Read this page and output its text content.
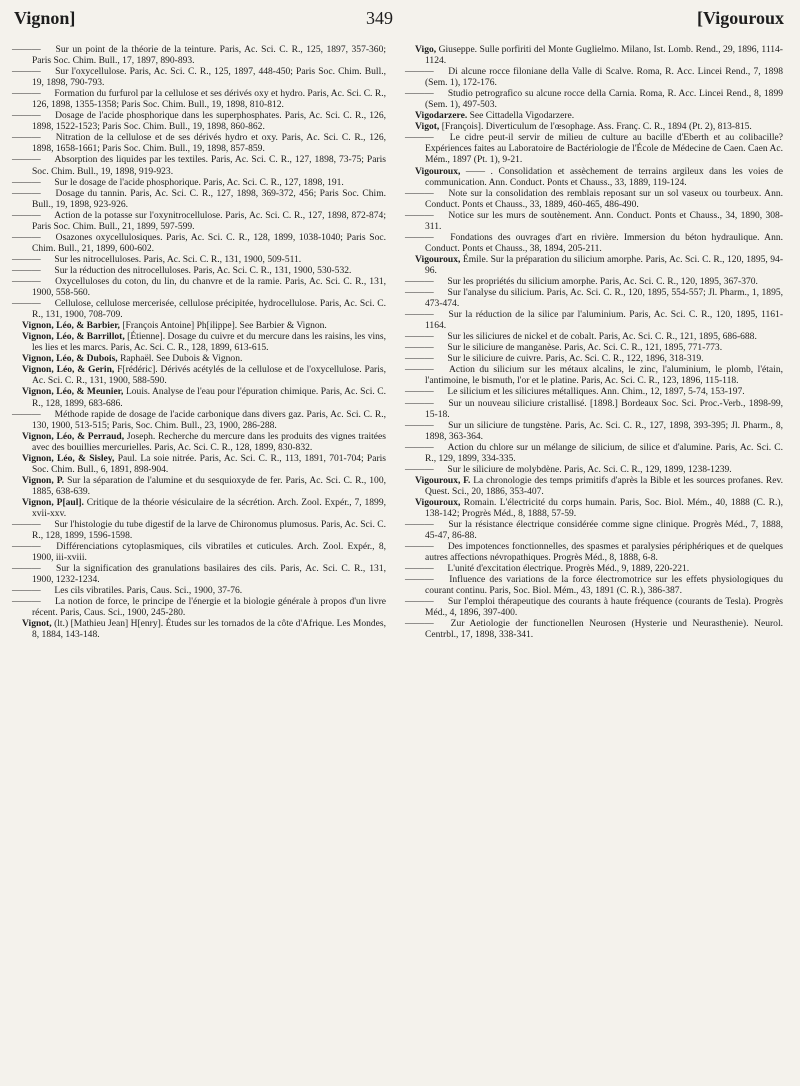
Vignon]	349	[Vigouroux

——— Sur un point de la théorie de la teinture. Paris, Ac. Sci. C. R., 125, 1897, 357-360; Paris Soc. Chim. Bull., 17, 1897, 890-893.

——— Sur l'oxycellulose. Paris, Ac. Sci. C. R., 125, 1897, 448-450; Paris Soc. Chim. Bull., 19, 1898, 790-793.

——— Formation du furfurol par la cellulose et ses dérivés oxy et hydro. Paris, Ac. Sci. C. R., 126, 1898, 1355-1358; Paris Soc. Chim. Bull., 19, 1898, 810-812.

——— Dosage de l'acide phosphorique dans les superphosphates. Paris, Ac. Sci. C. R., 126, 1898, 1522-1523; Paris Soc. Chim. Bull., 19, 1898, 860-862.

——— Nitration de la cellulose et de ses dérivés hydro et oxy. Paris, Ac. Sci. C. R., 126, 1898, 1658-1661; Paris Soc. Chim. Bull., 19, 1898, 857-859.

——— Absorption des liquides par les textiles. Paris, Ac. Sci. C. R., 127, 1898, 73-75; Paris Soc. Chim. Bull., 19, 1898, 919-923.

——— Sur le dosage de l'acide phosphorique. Paris, Ac. Sci. C. R., 127, 1898, 191.

——— Dosage du tannin. Paris, Ac. Sci. C. R., 127, 1898, 369-372, 456; Paris Soc. Chim. Bull., 19, 1898, 923-926.

——— Action de la potasse sur l'oxynitrocellulose. Paris, Ac. Sci. C. R., 127, 1898, 872-874; Paris Soc. Chim. Bull., 21, 1899, 597-599.

——— Osazones oxycellulosiques. Paris, Ac. Sci. C. R., 128, 1899, 1038-1040; Paris Soc. Chim. Bull., 21, 1899, 600-602.

——— Sur les nitrocelluloses. Paris, Ac. Sci. C. R., 131, 1900, 509-511.

——— Sur la réduction des nitrocelluloses. Paris, Ac. Sci. C. R., 131, 1900, 530-532.

——— Oxycelluloses du coton, du lin, du chanvre et de la ramie. Paris, Ac. Sci. C. R., 131, 1900, 558-560.

——— Cellulose, cellulose mercerisée, cellulose précipitée, hydrocellulose. Paris, Ac. Sci. C. R., 131, 1900, 708-709.

Vignon, Léo, & Barbier, [François Antoine] Ph[ilippe]. See Barbier & Vignon.

Vignon, Léo, & Barrillot, [Étienne]. Dosage du cuivre et du mercure dans les raisins, les vins, les lies et les marcs. Paris, Ac. Sci. C. R., 128, 1899, 613-615.

Vignon, Léo, & Dubois, Raphaël. See Dubois & Vignon.

Vignon, Léo, & Gerin, F[rédéric]. Dérivés acétylés de la cellulose et de l'oxycellulose. Paris, Ac. Sci. C. R., 131, 1900, 588-590.

Vignon, Léo, & Meunier, Louis. Analyse de l'eau pour l'épuration chimique. Paris, Ac. Sci. C. R., 128, 1899, 683-686.

——— Méthode rapide de dosage de l'acide carbonique dans divers gaz. Paris, Ac. Sci. C. R., 130, 1900, 513-515; Paris, Soc. Chim. Bull., 23, 1900, 286-288.

Vignon, Léo, & Perraud, Joseph. Recherche du mercure dans les produits des vignes traitées avec des bouillies mercurielles. Paris, Ac. Sci. C. R., 128, 1899, 830-832.

Vignon, Léo, & Sisley, Paul. La soie nitrée. Paris, Ac. Sci. C. R., 113, 1891, 701-704; Paris Soc. Chim. Bull., 6, 1891, 898-904.

Vignon, P. Sur la séparation de l'alumine et du sesquioxyde de fer. Paris, Ac. Sci. C. R., 100, 1885, 638-639.

Vignon, P[aul]. Critique de la théorie vésiculaire de la sécrétion. Arch. Zool. Expér., 7, 1899, xvii-xxv.

——— Sur l'histologie du tube digestif de la larve de Chironomus plumosus. Paris, Ac. Sci. C. R., 128, 1899, 1596-1598.

——— Différenciations cytoplasmiques, cils vibratiles et cuticules. Arch. Zool. Expér., 8, 1900, iii-xviii.

——— Sur la signification des granulations basilaires des cils. Paris, Ac. Sci. C. R., 131, 1900, 1232-1234.

——— Les cils vibratiles. Paris, Caus. Sci., 1900, 37-76.

——— La notion de force, le principe de l'énergie et la biologie générale à propos d'un livre récent. Paris, Caus. Sci., 1900, 245-280.

Vignot, (lt.) [Mathieu Jean] H[enry]. Études sur les tornados de la côte d'Afrique. Les Mondes, 8, 1884, 143-148.

Vigo, Giuseppe. Sulle porfiriti del Monte Guglielmo. Milano, Ist. Lomb. Rend., 29, 1896, 1114-1124.

——— Di alcune rocce filoniane della Valle di Scalve. Roma, R. Acc. Lincei Rend., 7, 1898 (Sem. 1), 172-176.

——— Studio petrografico su alcune rocce della Carnia. Roma, R. Acc. Lincei Rend., 8, 1899 (Sem. 1), 497-503.

Vigodarzere. See Cittadella Vigodarzere.

Vigot, [François]. Diverticulum de l'œsophage. Ass. Franç. C. R., 1894 (Pt. 2), 813-815.

——— Le cidre peut-il servir de milieu de culture au bacille d'Eberth et au colibacille? Expériences faites au Laboratoire de Bactériologie de l'École de Médecine de Caen. Caen Ac. Mém., 1897 (Pt. 1), 9-21.

Vigouroux, —— . Consolidation et assèchement de terrains argileux dans les voies de communication. Ann. Conduct. Ponts et Chauss., 33, 1889, 119-124.

——— Note sur la consolidation des remblais reposant sur un sol vaseux ou tourbeux. Ann. Conduct. Ponts et Chauss., 33, 1889, 460-465, 486-490.

——— Notice sur les murs de soutènement. Ann. Conduct. Ponts et Chauss., 34, 1890, 308-311.

——— Fondations des ouvrages d'art en rivière. Immersion du béton hydraulique. Ann. Conduct. Ponts et Chauss., 38, 1894, 205-211.

Vigouroux, Émile. Sur la préparation du silicium amorphe. Paris, Ac. Sci. C. R., 120, 1895, 94-96.

——— Sur les propriétés du silicium amorphe. Paris, Ac. Sci. C. R., 120, 1895, 367-370.

——— Sur l'analyse du silicium. Paris, Ac. Sci. C. R., 120, 1895, 554-557; Jl. Pharm., 1, 1895, 473-474.

——— Sur la réduction de la silice par l'aluminium. Paris, Ac. Sci. C. R., 120, 1895, 1161-1164.

——— Sur les siliciures de nickel et de cobalt. Paris, Ac. Sci. C. R., 121, 1895, 686-688.

——— Sur le siliciure de manganèse. Paris, Ac. Sci. C. R., 121, 1895, 771-773.

——— Sur le siliciure de cuivre. Paris, Ac. Sci. C. R., 122, 1896, 318-319.

——— Action du silicium sur les métaux alcalins, le zinc, l'aluminium, le plomb, l'étain, l'antimoine, le bismuth, l'or et le platine. Paris, Ac. Sci. C. R., 123, 1896, 115-118.

——— Le silicium et les siliciures métalliques. Ann. Chim., 12, 1897, 5-74, 153-197.

——— Sur un nouveau siliciure cristallisé. [1898.] Bordeaux Soc. Sci. Proc.-Verb., 1898-99, 15-18.

——— Sur un siliciure de tungstène. Paris, Ac. Sci. C. R., 127, 1898, 393-395; Jl. Pharm., 8, 1898, 363-364.

——— Action du chlore sur un mélange de silicium, de silice et d'alumine. Paris, Ac. Sci. C. R., 129, 1899, 334-335.

——— Sur le siliciure de molybdène. Paris, Ac. Sci. C. R., 129, 1899, 1238-1239.

Vigouroux, F. La chronologie des temps primitifs d'après la Bible et les sources profanes. Rev. Quest. Sci., 20, 1886, 353-407.

Vigouroux, Romain. L'électricité du corps humain. Paris, Soc. Biol. Mém., 40, 1888 (C. R.), 138-142; Progrès Méd., 8, 1888, 57-59.

——— Sur la résistance électrique considérée comme signe clinique. Progrès Méd., 7, 1888, 45-47, 86-88.

——— Des impotences fonctionnelles, des spasmes et paralysies périphériques et de quelques autres affections névropathiques. Progrès Méd., 8, 1888, 6-8.

——— L'unité d'excitation électrique. Progrès Méd., 9, 1889, 220-221.

——— Influence des variations de la force électromotrice sur les effets physiologiques du courant continu. Paris, Soc. Biol. Mém., 43, 1891 (C. R.), 386-387.

——— Sur l'emploi thérapeutique des courants à haute fréquence (courants de Tesla). Progrès Méd., 4, 1896, 397-400.

——— Zur Aetiologie der functionellen Neurosen (Hysterie und Neurasthenie). Neurol. Centrbl., 17, 1898, 338-341.
